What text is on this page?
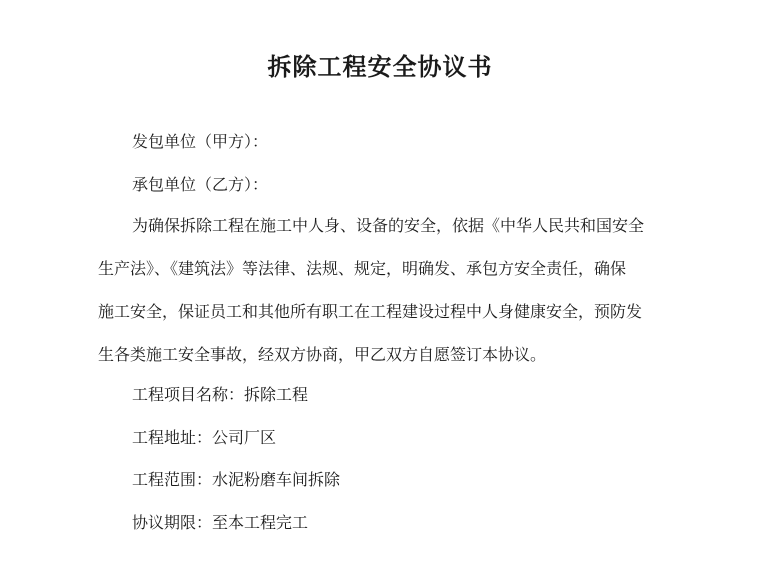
拆除工程安全协议书
发包单位（甲方）：
承包单位（乙方）：
为确保拆除工程在施工中人身、设备的安全，依据《中华人民共和国安全
生产法》、《建筑法》等法律、法规、规定，明确发、承包方安全责任，确保
施工安全，保证员工和其他所有职工在工程建设过程中人身健康安全，预防发
生各类施工安全事故，经双方协商，甲乙双方自愿签订本协议。
工程项目名称：拆除工程
工程地址：公司厂区
工程范围：水泥粉磨车间拆除
协议期限：至本工程完工
